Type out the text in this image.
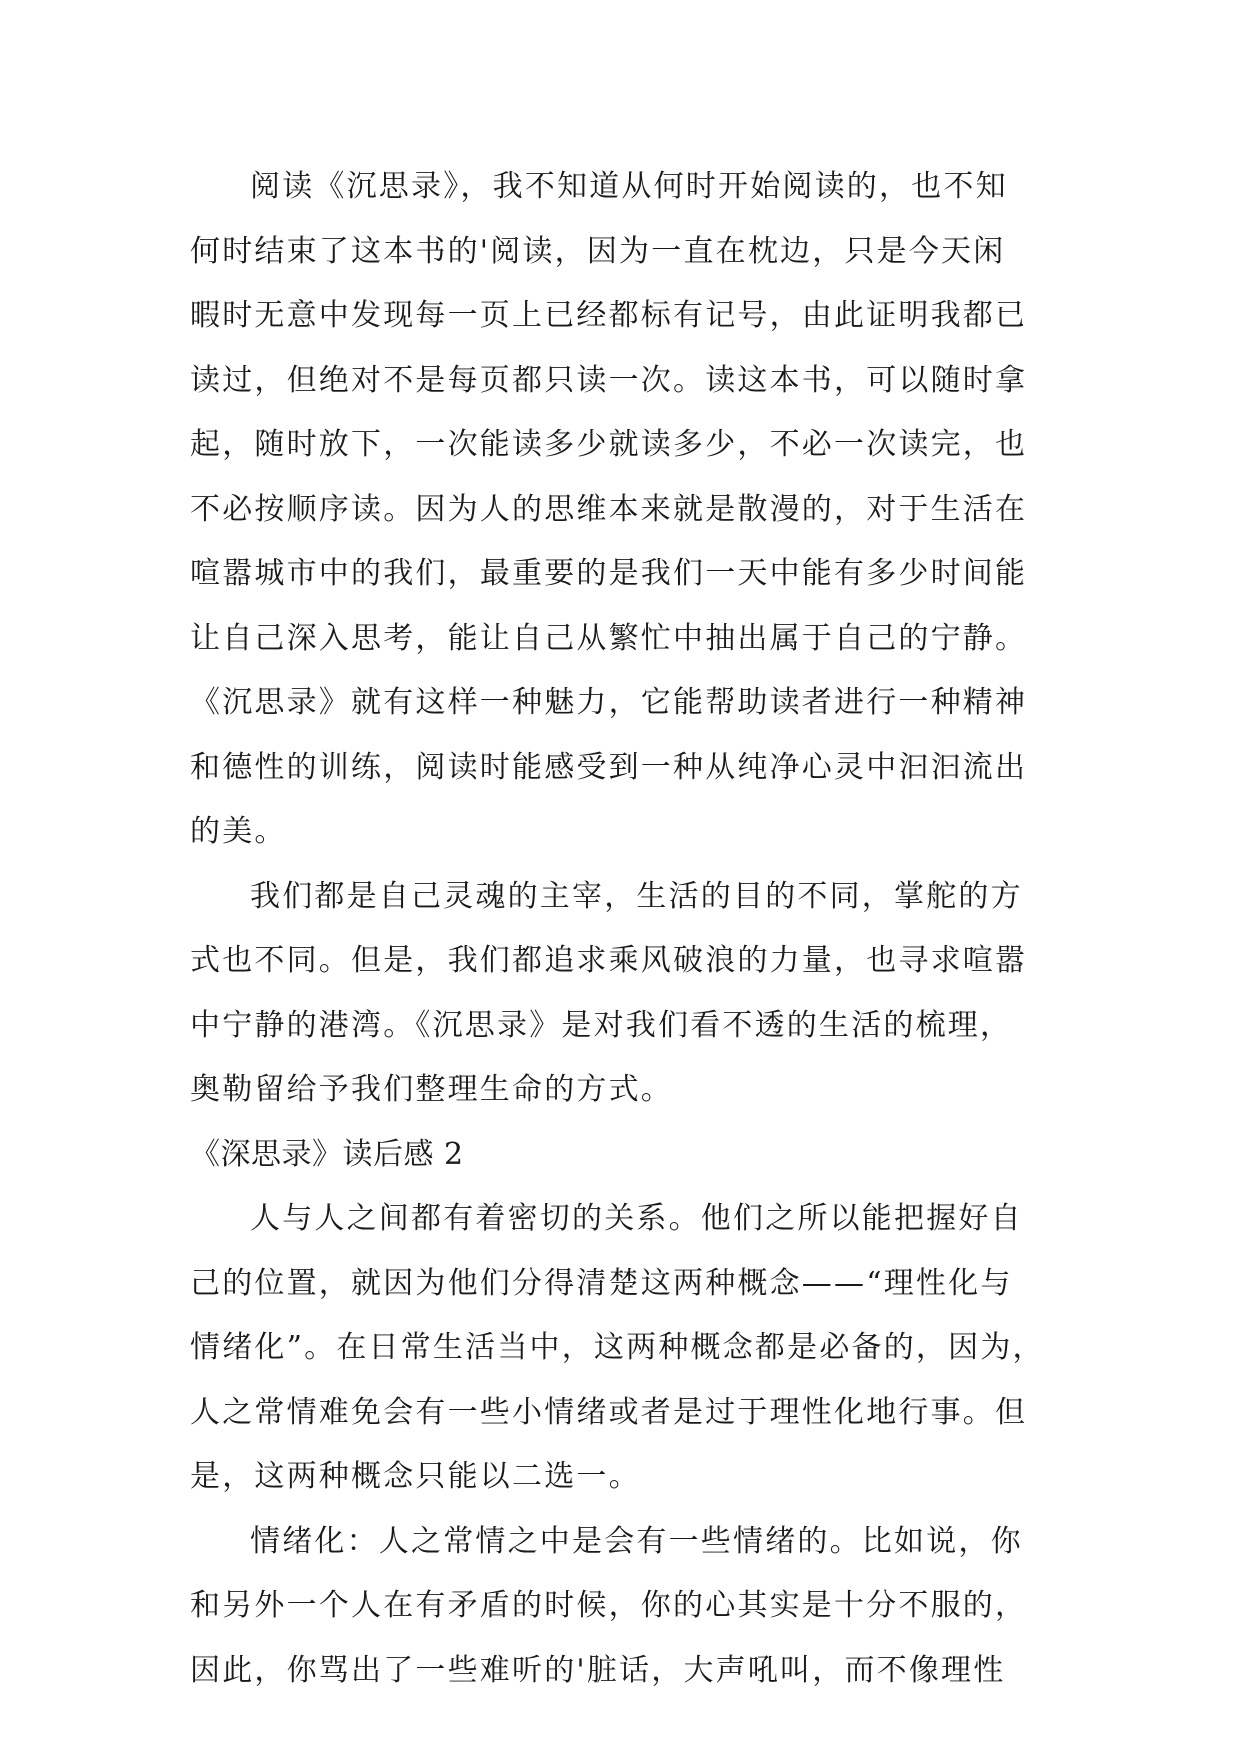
阅读《沉思录》，我不知道从何时开始阅读的，也不知
何时结束了这本书的'阅读，因为一直在枕边，只是今天闲
暇时无意中发现每一页上已经都标有记号，由此证明我都已
读过，但绝对不是每页都只读一次。读这本书，可以随时拿
起，随时放下，一次能读多少就读多少，不必一次读完，也
不必按顺序读。因为人的思维本来就是散漫的，对于生活在
喧嚣城市中的我们，最重要的是我们一天中能有多少时间能
让自己深入思考，能让自己从繁忙中抽出属于自己的宁静。
《沉思录》就有这样一种魅力，它能帮助读者进行一种精神
和德性的训练，阅读时能感受到一种从纯净心灵中汩汩流出
的美。
我们都是自己灵魂的主宰，生活的目的不同，掌舵的方
式也不同。但是，我们都追求乘风破浪的力量，也寻求喧嚣
中宁静的港湾。《沉思录》是对我们看不透的生活的梳理，
奥勒留给予我们整理生命的方式。
《深思录》读后感 2
人与人之间都有着密切的关系。他们之所以能把握好自
己的位置，就因为他们分得清楚这两种概念——“理性化与
情绪化”。在日常生活当中，这两种概念都是必备的，因为，
人之常情难免会有一些小情绪或者是过于理性化地行事。但
是，这两种概念只能以二选一。
情绪化：人之常情之中是会有一些情绪的。比如说，你
和另外一个人在有矛盾的时候，你的心其实是十分不服的，
因此，你骂出了一些难听的'脏话，大声吼叫，而不像理性
